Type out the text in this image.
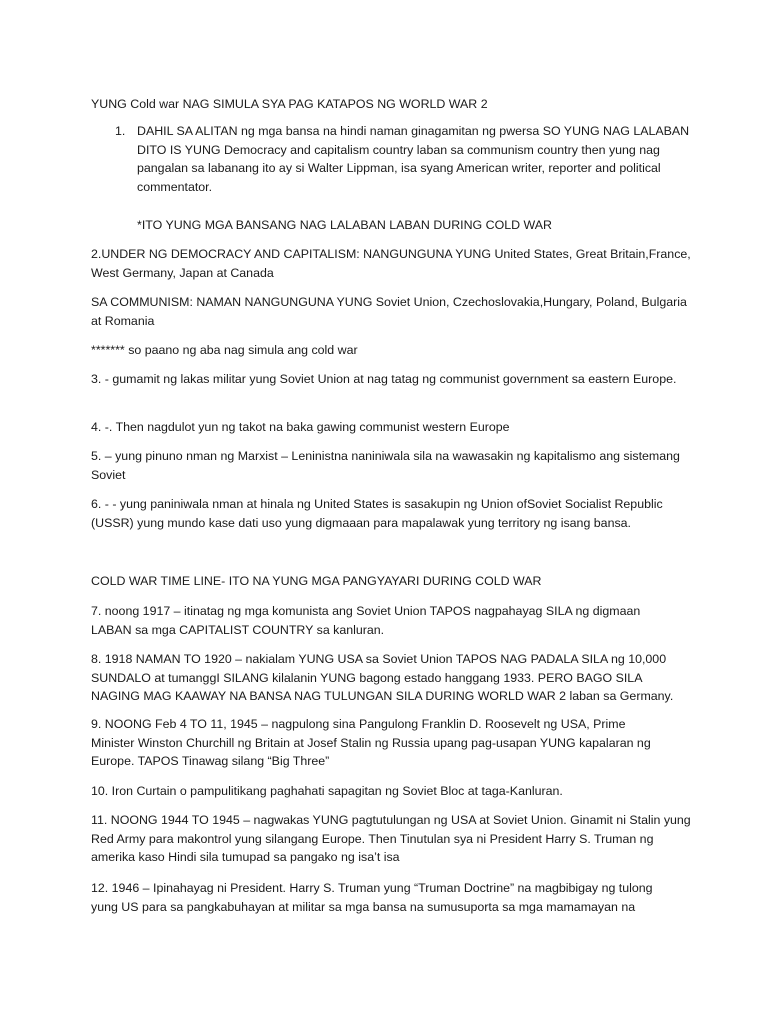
YUNG Cold war NAG SIMULA SYA PAG KATAPOS NG WORLD WAR 2

1. DAHIL SA ALITAN ng mga bansa na hindi naman ginagamitan ng pwersa SO YUNG NAG LALABAN DITO IS YUNG Democracy and capitalism country laban sa communism country then yung nag pangalan sa labanang ito ay si Walter Lippman, isa syang American writer, reporter and political commentator.

*ITO YUNG MGA BANSANG NAG LALABAN LABAN DURING COLD WAR

2.UNDER NG DEMOCRACY AND CAPITALISM: NANGUNGUNA YUNG United States, Great Britain,France, West Germany, Japan at Canada

SA COMMUNISM: NAMAN NANGUNGUNA YUNG Soviet Union, Czechoslovakia,Hungary, Poland, Bulgaria at Romania

******* so paano ng aba nag simula ang cold war

3. - gumamit ng lakas militar yung Soviet Union at nag tatag ng communist government sa eastern Europe.

4. -. Then nagdulot yun ng takot na baka gawing communist western Europe

5. – yung pinuno nman ng Marxist – Leninistna naniniwala sila na wawasakin ng kapitalismo ang sistemang Soviet

6. - - yung paniniwala nman at hinala ng United States is sasakupin ng Union ofSoviet Socialist Republic (USSR) yung mundo kase dati uso yung digmaaan para mapalawak yung territory ng isang bansa.

COLD WAR TIME LINE- ITO NA YUNG MGA PANGYAYARI DURING COLD WAR

7. noong 1917 – itinatag ng mga komunista ang Soviet Union TAPOS nagpahayag SILA ng digmaan LABAN sa mga CAPITALIST COUNTRY sa kanluran.

8. 1918 NAMAN TO 1920 – nakialam YUNG USA sa Soviet Union TAPOS NAG PADALA SILA ng 10,000 SUNDALO at tumanggI SILANG kilalanin YUNG bagong estado hanggang 1933. PERO BAGO SILA NAGING MAG KAAWAY NA BANSA NAG TULUNGAN SILA DURING WORLD WAR 2 laban sa Germany.

9. NOONG Feb 4 TO 11, 1945 – nagpulong sina Pangulong Franklin D. Roosevelt ng USA, Prime Minister Winston Churchill ng Britain at Josef Stalin ng Russia upang pag-usapan YUNG kapalaran ng Europe. TAPOS Tinawag silang “Big Three”

10. Iron Curtain o pampulitikang paghahati sapagitan ng Soviet Bloc at taga-Kanluran.

11. NOONG 1944 TO 1945 – nagwakas YUNG pagtutulungan ng USA at Soviet Union. Ginamit ni Stalin yung Red Army para makontrol yung silangang Europe. Then Tinutulan sya ni President Harry S. Truman ng amerika kaso Hindi sila tumupad sa pangako ng isa’t isa

12. 1946 – Ipinahayag ni President. Harry S. Truman yung “Truman Doctrine” na magbibigay ng tulong yung US para sa pangkabuhayan at militar sa mga bansa na sumusuporta sa mga mamamayan na
